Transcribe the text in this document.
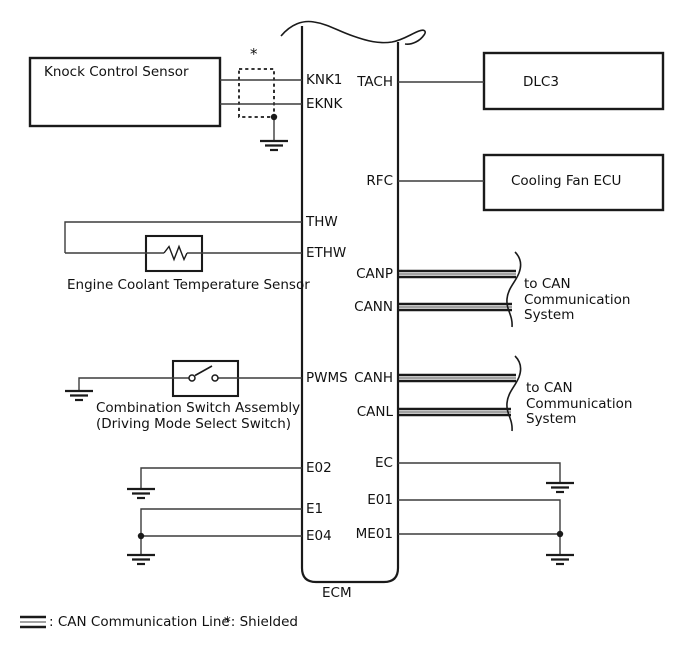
Knock Control Sensor
DLC3
Cooling Fan ECU
Engine Coolant Temperature Sensor
Combination Switch Assembly
(Driving Mode Select Switch)
ECM
*
to CAN Communication System
to CAN Communication System
KNK1
EKNK
THW
ETHW
PWMS
E02
E1
E04
TACH
RFC
CANP
CANN
CANH
CANL
EC
E01
ME01
: CAN Communication Line
*: Shielded
